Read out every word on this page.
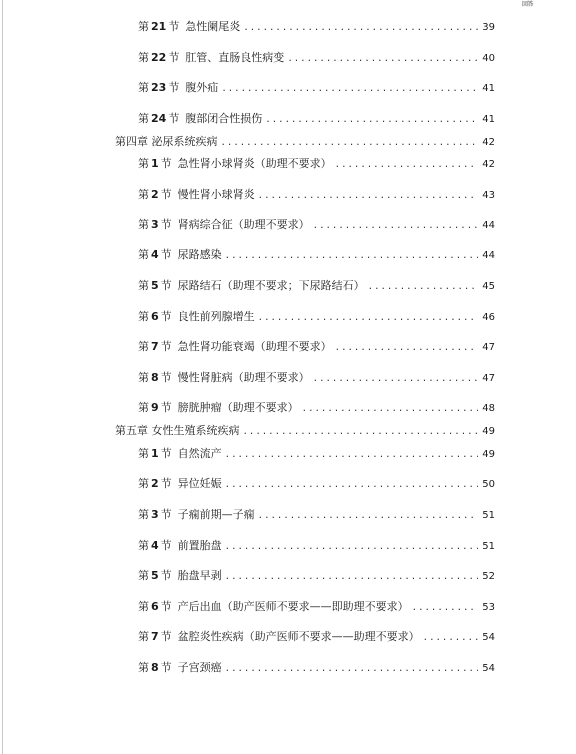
回答
第 21 节 急性阑尾炎 .....	39
第 22 节 肛管、直肠良性病变 .....	40
第 23 节 腹外疝 .....	41
第 24 节 腹部闭合性损伤 .....	41
第四章 泌尿系统疾病 .....	42
第 1 节 急性肾小球肾炎（助理不要求） .....	42
第 2 节 慢性肾小球肾炎 .....	43
第 3 节 肾病综合征（助理不要求） .....	44
第 4 节 尿路感染 .....	44
第 5 节 尿路结石（助理不要求；下尿路结石） .....	45
第 6 节 良性前列腺增生 .....	46
第 7 节 急性肾功能衰竭（助理不要求） .....	47
第 8 节 慢性肾脏病（助理不要求） .....	47
第 9 节 膀胱肿瘤（助理不要求） .....	48
第五章 女性生殖系统疾病 .....	49
第 1 节 自然流产 .....	49
第 2 节 异位妊娠 .....	50
第 3 节 子痫前期—子痫 .....	51
第 4 节 前置胎盘 .....	51
第 5 节 胎盘早剥 .....	52
第 6 节 产后出血（助产医师不要求——即助理不要求） .....	53
第 7 节 盆腔炎性疾病（助产医师不要求——助理不要求） .....	54
第 8 节 子宫颈癌 .....	54
